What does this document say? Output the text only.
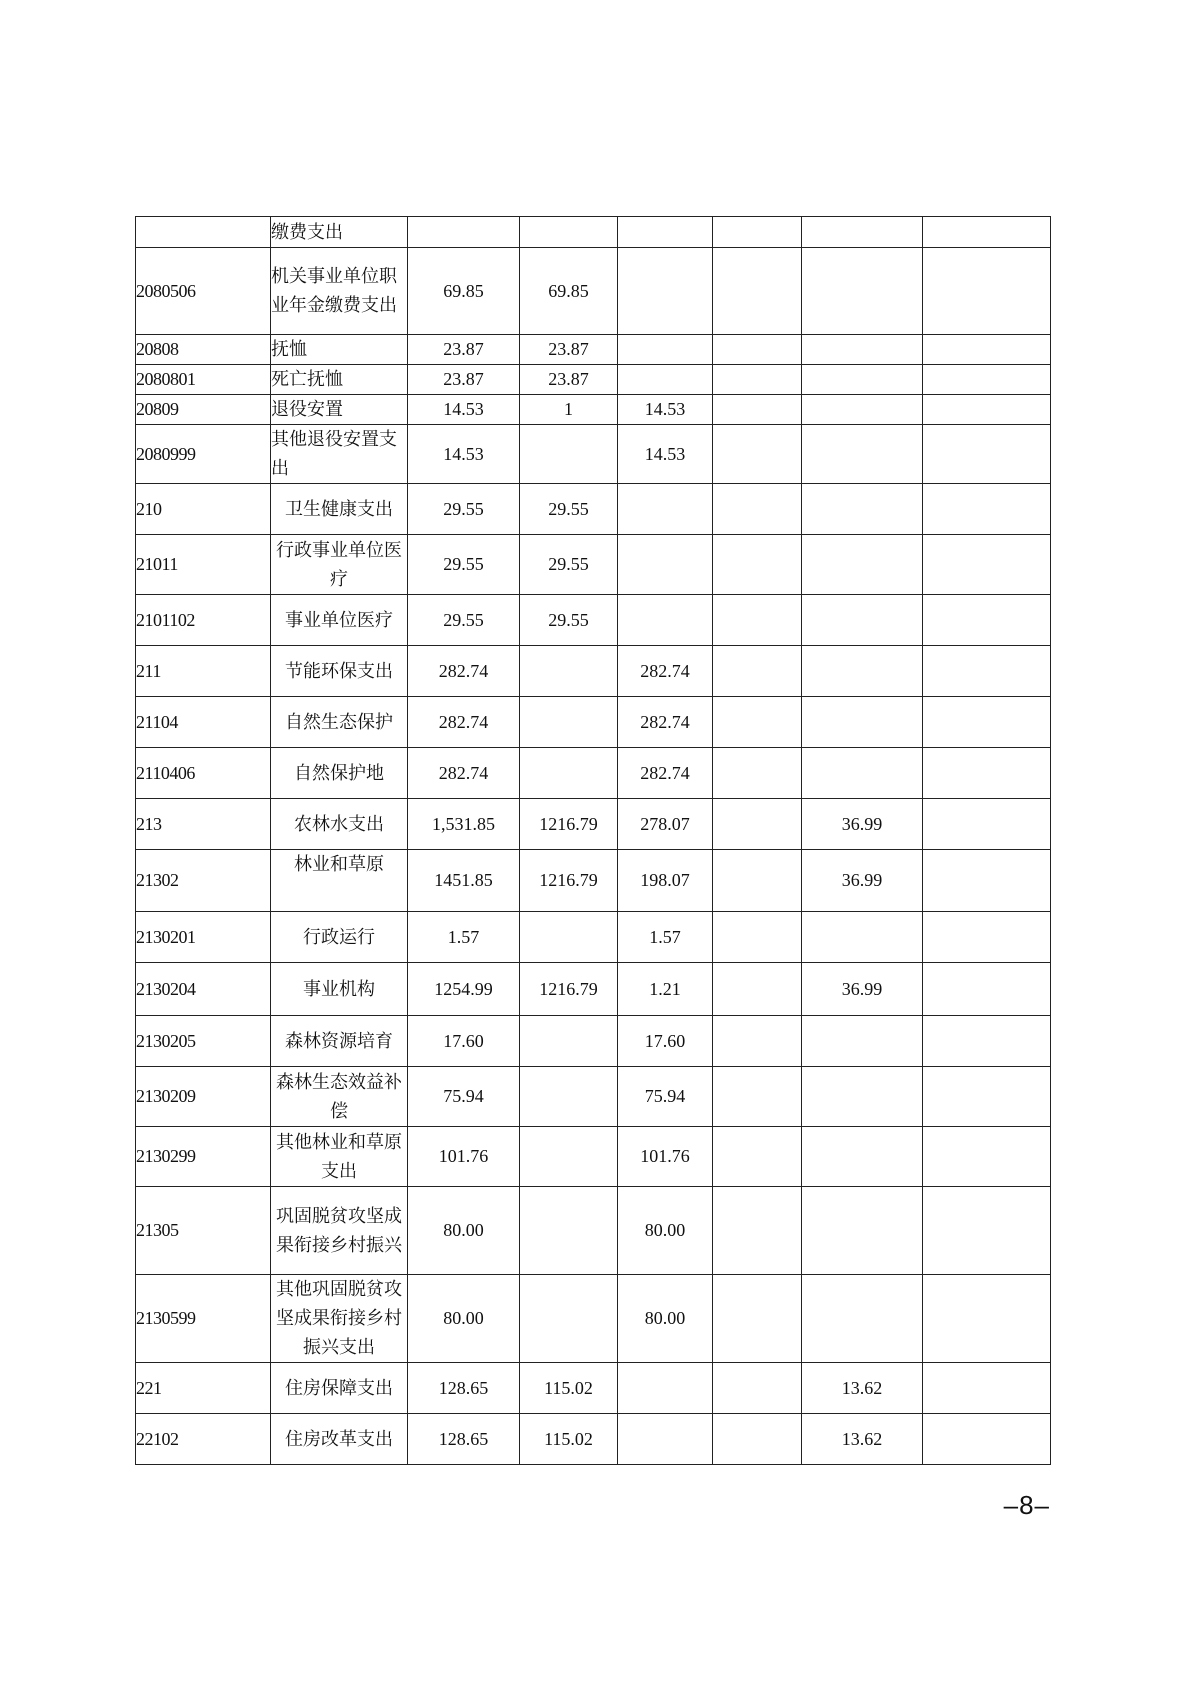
	缴费支出						
2080506	机关事业单位职业年金缴费支出	69.85	69.85				
20808	抚恤	23.87	23.87				
2080801	死亡抚恤	23.87	23.87				
20809	退役安置	14.53	1	14.53			
2080999	其他退役安置支出	14.53		14.53			
210	卫生健康支出	29.55	29.55				
21011	行政事业单位医疗	29.55	29.55				
2101102	事业单位医疗	29.55	29.55				
211	节能环保支出	282.74		282.74			
21104	自然生态保护	282.74		282.74			
2110406	自然保护地	282.74		282.74			
213	农林水支出	1,531.85	1216.79	278.07		36.99	
21302	林业和草原	1451.85	1216.79	198.07		36.99	
2130201	行政运行	1.57		1.57			
2130204	事业机构	1254.99	1216.79	1.21		36.99	
2130205	森林资源培育	17.60		17.60			
2130209	森林生态效益补偿	75.94		75.94			
2130299	其他林业和草原支出	101.76		101.76			
21305	巩固脱贫攻坚成果衔接乡村振兴	80.00		80.00			
2130599	其他巩固脱贫攻坚成果衔接乡村振兴支出	80.00		80.00			
221	住房保障支出	128.65	115.02			13.62	
22102	住房改革支出	128.65	115.02			13.62	
–8–
